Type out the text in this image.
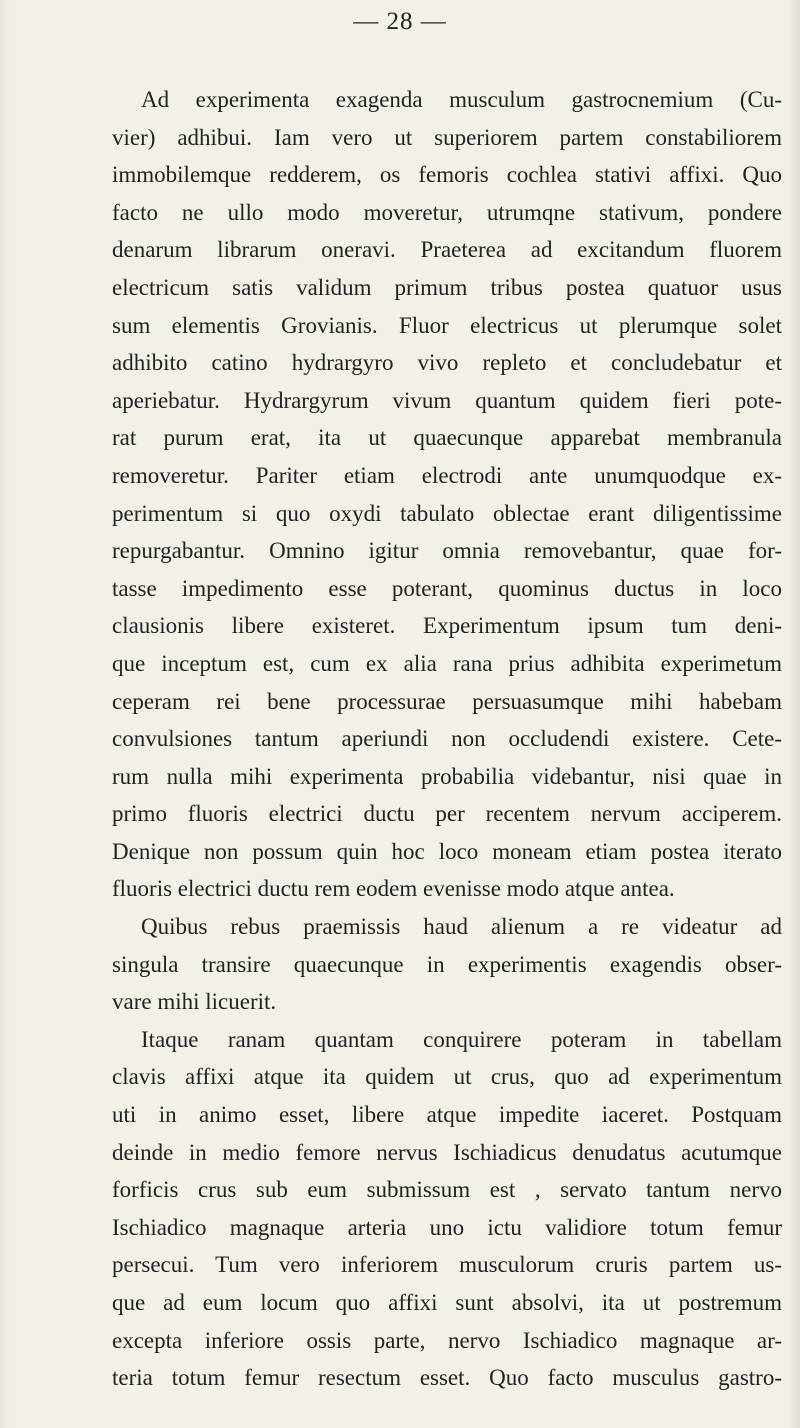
— 28 —
Ad experimenta exagenda musculum gastrocnemium (Cu-
vier) adhibui. Iam vero ut superiorem partem constabiliorem
immobilemque redderem, os femoris cochlea stativi affixi. Quo
facto ne ullo modo moveretur, utrumqne stativum, pondere
denarum librarum oneravi. Praeterea ad excitandum fluorem
electricum satis validum primum tribus postea quatuor usus
sum elementis Grovianis. Fluor electricus ut plerumque solet
adhibito catino hydrargyro vivo repleto et concludebatur et
aperiebatur. Hydrargyrum vivum quantum quidem fieri pote-
rat purum erat, ita ut quaecunque apparebat membranula
removeretur. Pariter etiam electrodi ante unumquodque ex-
perimentum si quo oxydi tabulato oblectae erant diligentissime
repurgabantur. Omnino igitur omnia removebantur, quae for-
tasse impedimento esse poterant, quominus ductus in loco
clausionis libere existeret. Experimentum ipsum tum deni-
que inceptum est, cum ex alia rana prius adhibita experimetum
ceperam rei bene processurae persuasumque mihi habebam
convulsiones tantum aperiundi non occludendi existere. Cete-
rum nulla mihi experimenta probabilia videbantur, nisi quae in
primo fluoris electrici ductu per recentem nervum acciperem.
Denique non possum quin hoc loco moneam etiam postea iterato
fluoris electrici ductu rem eodem evenisse modo atque antea.
Quibus rebus praemissis haud alienum a re videatur ad
singula transire quaecunque in experimentis exagendis obser-
vare mihi licuerit.
Itaque ranam quantam conquirere poteram in tabellam
clavis affixi atque ita quidem ut crus, quo ad experimentum
uti in animo esset, libere atque impedite iaceret. Postquam
deinde in medio femore nervus Ischiadicus denudatus acutumque
forficis crus sub eum submissum est , servato tantum nervo
Ischiadico magnaque arteria uno ictu validiore totum femur
persecui. Tum vero inferiorem musculorum cruris partem us-
que ad eum locum quo affixi sunt absolvi, ita ut postremum
excepta inferiore ossis parte, nervo Ischiadico magnaque ar-
teria totum femur resectum esset. Quo facto musculus gastro-
